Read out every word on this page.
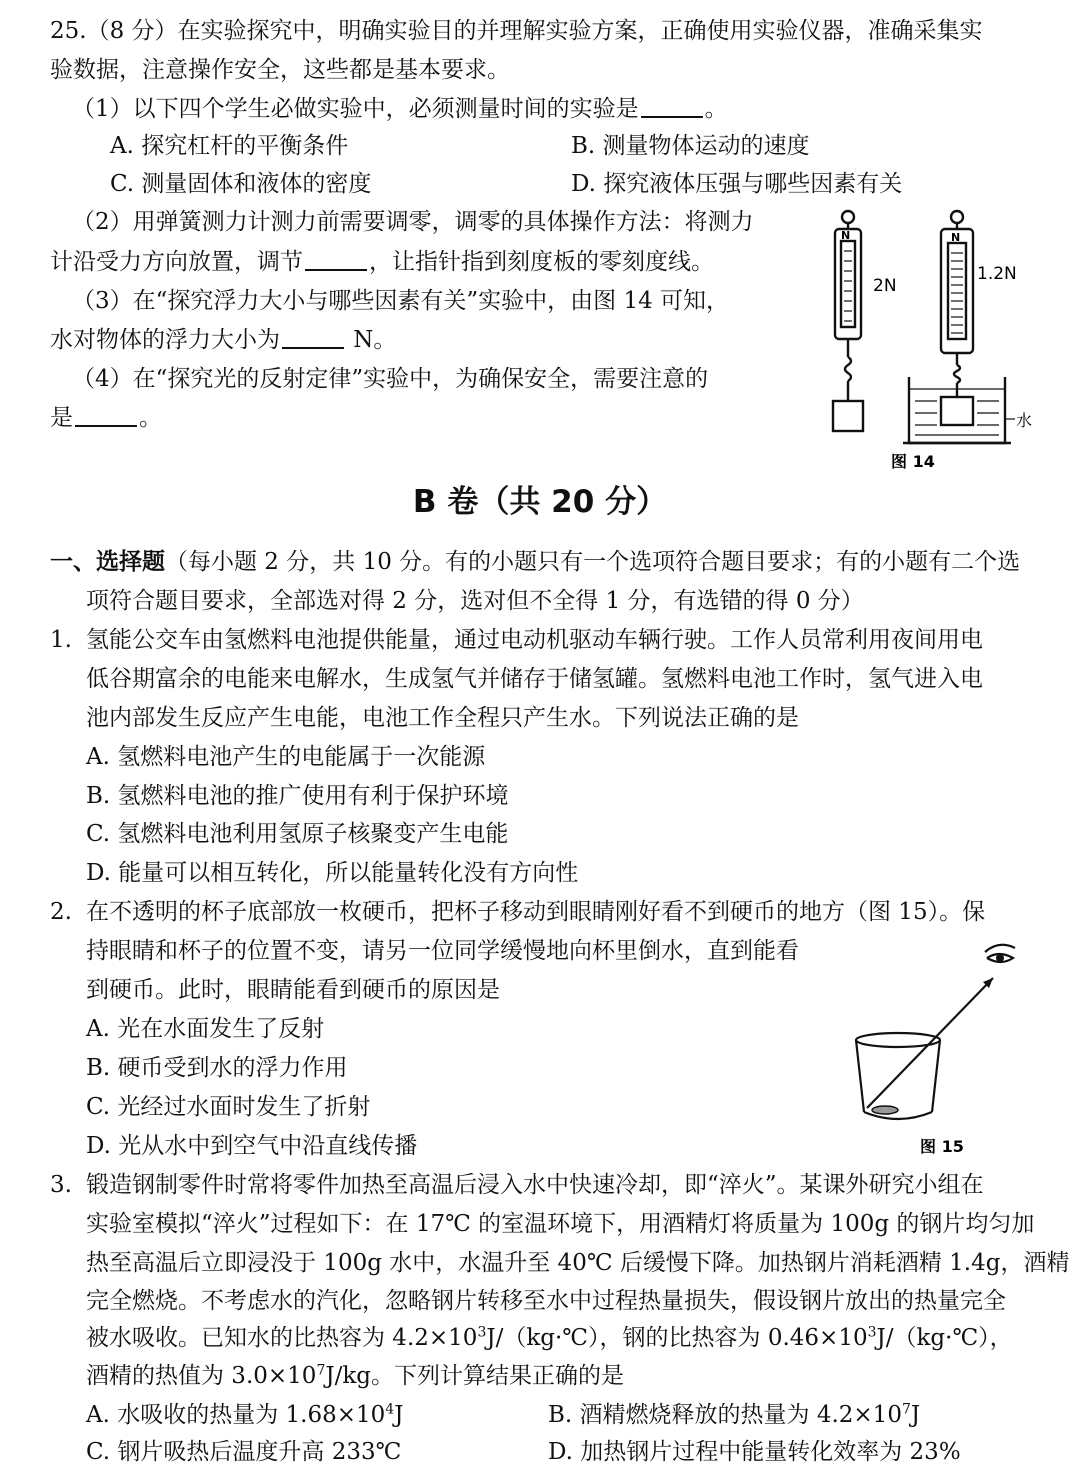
25.（8 分）在实验探究中，明确实验目的并理解实验方案，正确使用实验仪器，准确采集实
验数据，注意操作安全，这些都是基本要求。
（1）以下四个学生必做实验中，必须测量时间的实验是	。
A. 探究杠杆的平衡条件	B. 测量物体运动的速度
C. 测量固体和液体的密度	D. 探究液体压强与哪些因素有关
（2）用弹簧测力计测力前需要调零，调零的具体操作方法：将测力
计沿受力方向放置，调节	，让指针指到刻度板的零刻度线。
（3）在“探究浮力大小与哪些因素有关”实验中，由图 14 可知，
水对物体的浮力大小为	N。
（4）在“探究光的反射定律”实验中，为确保安全，需要注意的
是	。
N	N
2N
1.2N
水
图 14
B 卷（共 20 分）
一、选择题（每小题 2 分，共 10 分。有的小题只有一个选项符合题目要求；有的小题有二个选
项符合题目要求，全部选对得 2 分，选对但不全得 1 分，有选错的得 0 分）
1. 氢能公交车由氢燃料电池提供能量，通过电动机驱动车辆行驶。工作人员常利用夜间用电
低谷期富余的电能来电解水，生成氢气并储存于储氢罐。氢燃料电池工作时，氢气进入电
池内部发生反应产生电能，电池工作全程只产生水。下列说法正确的是
A. 氢燃料电池产生的电能属于一次能源
B. 氢燃料电池的推广使用有利于保护环境
C. 氢燃料电池利用氢原子核聚变产生电能
D. 能量可以相互转化，所以能量转化没有方向性
2. 在不透明的杯子底部放一枚硬币，把杯子移动到眼睛刚好看不到硬币的地方（图 15）。保
持眼睛和杯子的位置不变，请另一位同学缓慢地向杯里倒水，直到能看
到硬币。此时，眼睛能看到硬币的原因是
A. 光在水面发生了反射
B. 硬币受到水的浮力作用
C. 光经过水面时发生了折射
D. 光从水中到空气中沿直线传播	图 15
3. 锻造钢制零件时常将零件加热至高温后浸入水中快速冷却，即“淬火”。某课外研究小组在
实验室模拟“淬火”过程如下：在 17℃ 的室温环境下，用酒精灯将质量为 100g 的钢片均匀加
热至高温后立即浸没于 100g 水中，水温升至 40℃ 后缓慢下降。加热钢片消耗酒精 1.4g，酒精
完全燃烧。不考虑水的汽化，忽略钢片转移至水中过程热量损失，假设钢片放出的热量完全
被水吸收。已知水的比热容为 $4.2\times 10^3J/(kg\cdot℃)$，钢的比热容为 $0.46\times 10^3J/(kg\cdot℃)$，
酒精的热值为 $3.0\times 10^7J/kg$。下列计算结果正确的是
A. 水吸收的热量为 $1.68\times 10^4J$	B. 酒精燃烧释放的热量为 $4.2\times 10^7J$
C. 钢片吸热后温度升高 233℃	D. 加热钢片过程中能量转化效率为 23%
